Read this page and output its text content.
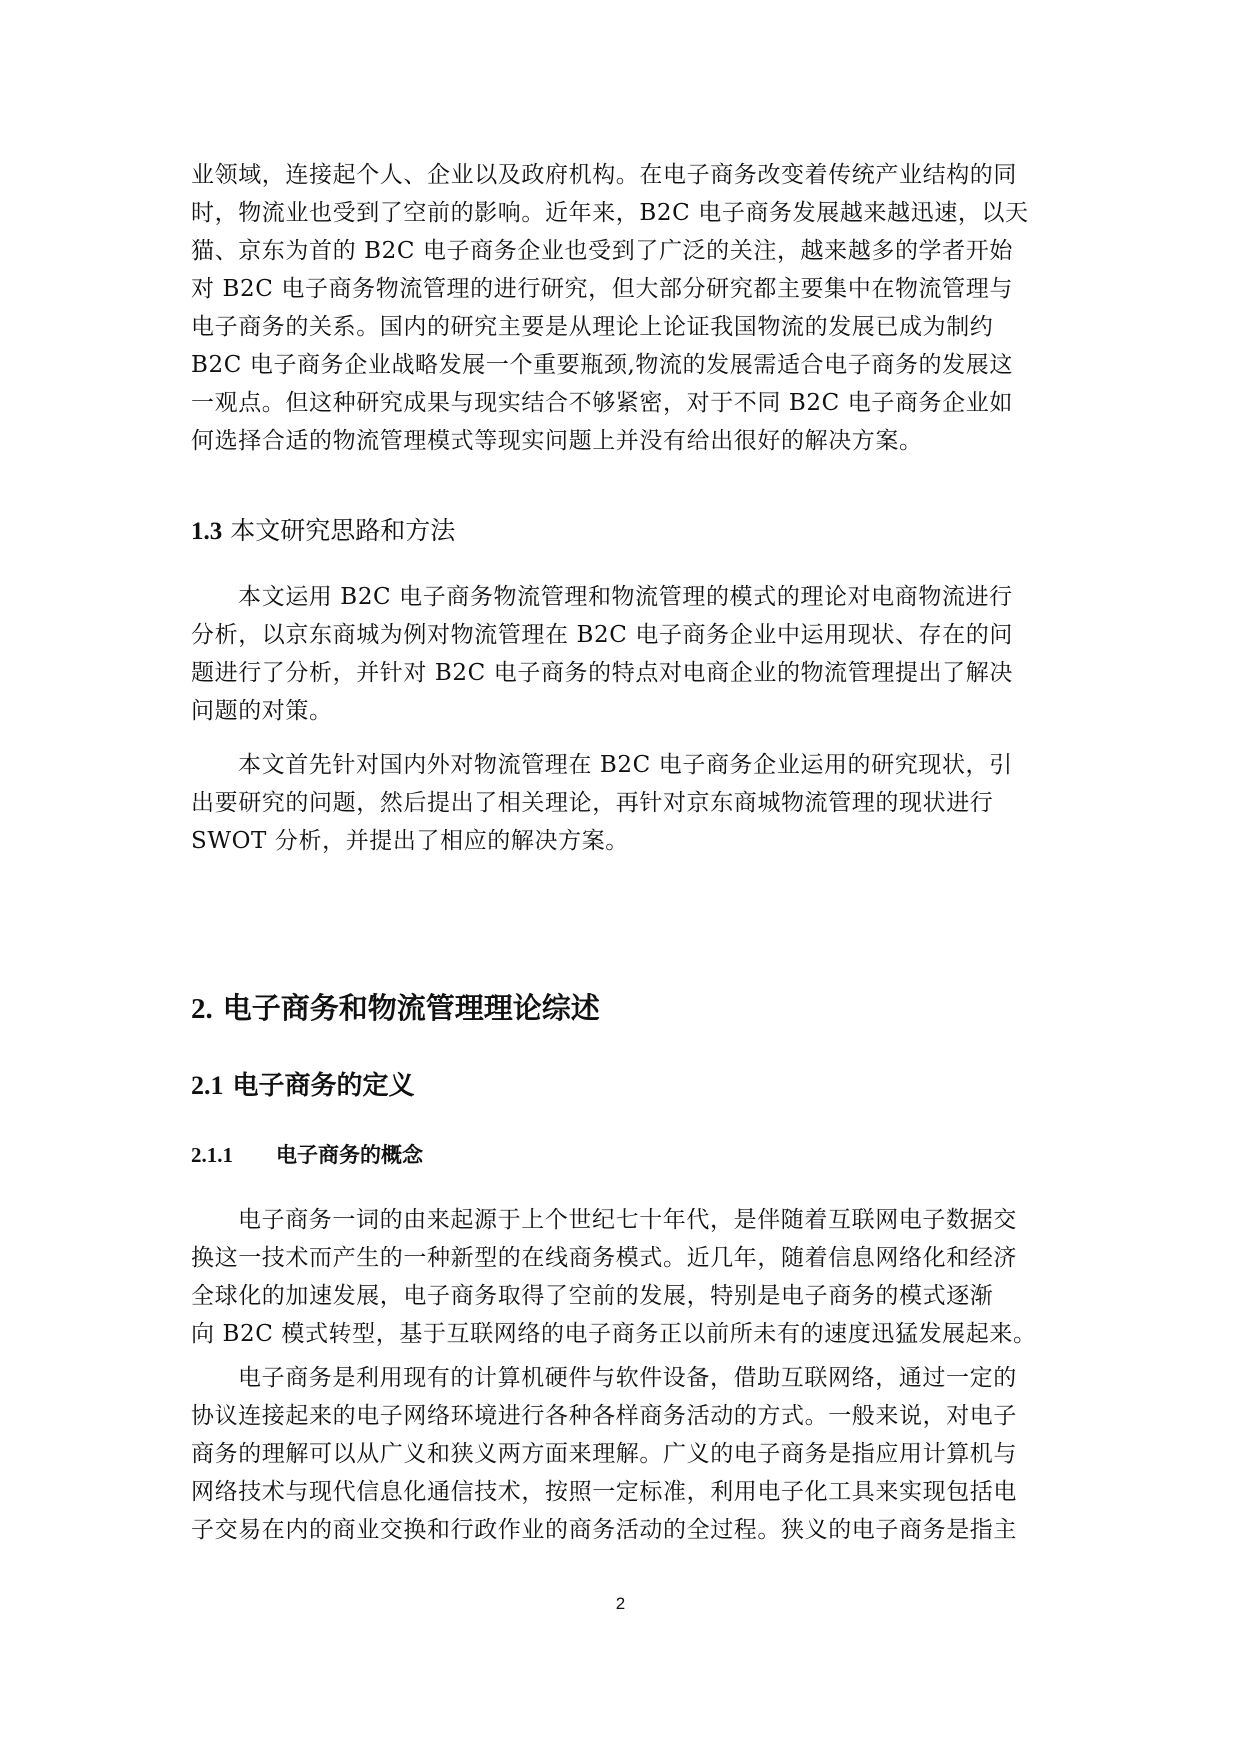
业领域，连接起个人、企业以及政府机构。在电子商务改变着传统产业结构的同
时，物流业也受到了空前的影响。近年来，B2C 电子商务发展越来越迅速，以天
猫、京东为首的 B2C 电子商务企业也受到了广泛的关注，越来越多的学者开始
对 B2C 电子商务物流管理的进行研究，但大部分研究都主要集中在物流管理与
电子商务的关系。国内的研究主要是从理论上论证我国物流的发展已成为制约
B2C 电子商务企业战略发展一个重要瓶颈,物流的发展需适合电子商务的发展这
一观点。但这种研究成果与现实结合不够紧密，对于不同 B2C 电子商务企业如
何选择合适的物流管理模式等现实问题上并没有给出很好的解决方案。
1.3 本文研究思路和方法
本文运用 B2C 电子商务物流管理和物流管理的模式的理论对电商物流进行
分析，以京东商城为例对物流管理在 B2C 电子商务企业中运用现状、存在的问
题进行了分析，并针对 B2C 电子商务的特点对电商企业的物流管理提出了解决
问题的对策。
本文首先针对国内外对物流管理在 B2C 电子商务企业运用的研究现状，引
出要研究的问题，然后提出了相关理论，再针对京东商城物流管理的现状进行
SWOT 分析，并提出了相应的解决方案。
2. 电子商务和物流管理理论综述
2.1 电子商务的定义
2.1.1 电子商务的概念
电子商务一词的由来起源于上个世纪七十年代，是伴随着互联网电子数据交
换这一技术而产生的一种新型的在线商务模式。近几年，随着信息网络化和经济
全球化的加速发展，电子商务取得了空前的发展，特别是电子商务的模式逐渐
向 B2C 模式转型，基于互联网络的电子商务正以前所未有的速度迅猛发展起来。
电子商务是利用现有的计算机硬件与软件设备，借助互联网络，通过一定的
协议连接起来的电子网络环境进行各种各样商务活动的方式。一般来说，对电子
商务的理解可以从广义和狭义两方面来理解。广义的电子商务是指应用计算机与
网络技术与现代信息化通信技术，按照一定标准，利用电子化工具来实现包括电
子交易在内的商业交换和行政作业的商务活动的全过程。狭义的电子商务是指主
2
